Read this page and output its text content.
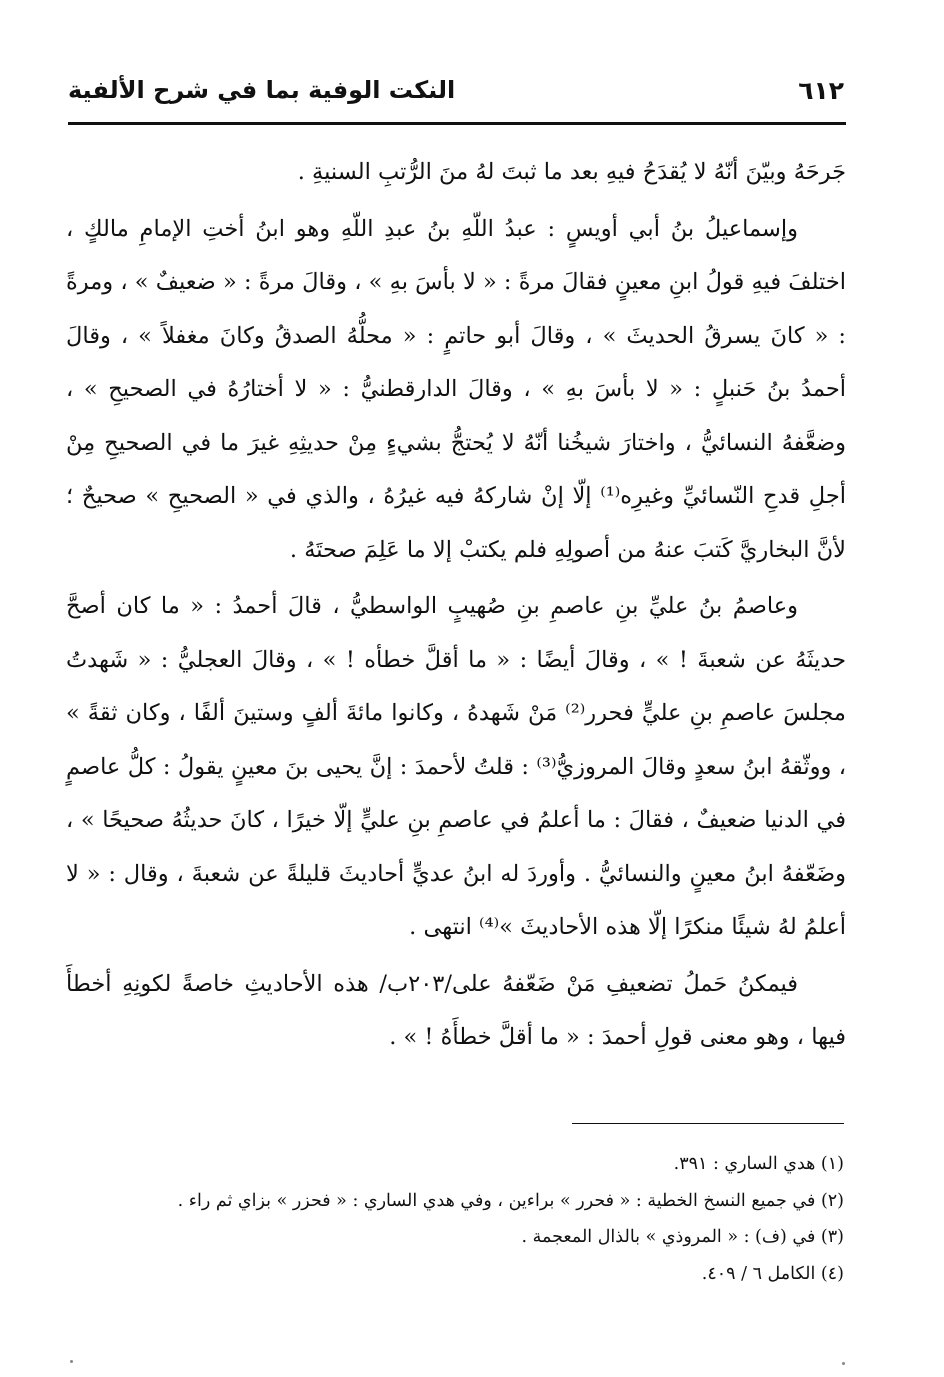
٦١٢
النكت الوفية بما في شرح الألفية

جَرحَهُ وبيّنَ أنّهُ لا يُقدَحُ فيهِ بعد ما ثبتَ لهُ منَ الرُّتبِ السنيةِ .

وإسماعيلُ بنُ أبي أويسٍ : عبدُ اللّهِ بنُ عبدِ اللّهِ وهو ابنُ أختِ الإمامِ مالكٍ ، اختلفَ فيهِ قولُ ابنِ معينٍ فقالَ مرةً : « لا بأسَ بهِ » ، وقالَ مرةً : « ضعيفٌ » ، ومرةً : « كانَ يسرقُ الحديثَ » ، وقالَ أبو حاتمٍ : « محلُّهُ الصدقُ وكانَ مغفلاً » ، وقالَ أحمدُ بنُ حَنبلٍ : « لا بأسَ بهِ » ، وقالَ الدارقطنيُّ : « لا أختارُهُ في الصحيحِ » ، وضعَّفهُ النسائيُّ ، واختارَ شيخُنا أنّهُ لا يُحتجُّ بشيءٍ مِنْ حديثِهِ غيرَ ما في الصحيحِ مِنْ أجلِ قدحِ النّسائيِّ وغيرِه⁽¹⁾ إلّا إنْ شاركهُ فيه غيرُهُ ، والذي في « الصحيحِ » صحيحٌ ؛ لأنَّ البخاريَّ كَتبَ عنهُ من أصولِهِ فلم يكتبْ إلا ما عَلِمَ صحتَهُ .

وعاصمُ بنُ عليِّ بنِ عاصمِ بنِ صُهيبٍ الواسطيُّ ، قالَ أحمدُ : « ما كان أصحَّ حديثَهُ عن شعبةَ ! » ، وقالَ أيضًا : « ما أقلَّ خطأه ! » ، وقالَ العجليُّ : « شَهدتُ مجلسَ عاصمِ بنِ عليٍّ فحرر⁽²⁾ مَنْ شَهدهُ ، وكانوا مائةَ ألفٍ وستينَ ألفًا ، وكان ثقةً » ، ووثّقهُ ابنُ سعدٍ وقالَ المروزيُّ⁽³⁾ : قلتُ لأحمدَ : إنَّ يحيى بنَ معينٍ يقولُ : كلُّ عاصمٍ في الدنيا ضعيفٌ ، فقالَ : ما أعلمُ في عاصمِ بنِ عليٍّ إلّا خيرًا ، كانَ حديثُهُ صحيحًا » ، وضَعّفهُ ابنُ معينٍ والنسائيُّ . وأوردَ له ابنُ عديٍّ أحاديثَ قليلةً عن شعبةَ ، وقال : « لا أعلمُ لهُ شيئًا منكرًا إلّا هذه الأحاديثَ »⁽⁴⁾ انتهى .

فيمكنُ حَملُ تضعيفِ مَنْ ضَعّفهُ على/٢٠٣ب/ هذه الأحاديثِ خاصةً لكونِهِ أخطأَ فيها ، وهو معنى قولِ أحمدَ : « ما أقلَّ خطأَهُ ! » .

(١) هدي الساري : ٣٩١.
(٢) في جميع النسخ الخطية : « فحرر » براءين ، وفي هدي الساري : « فحزر » بزاي ثم راء .
(٣) في (ف) : « المروذي » بالذال المعجمة .
(٤) الكامل ٦ / ٤٠٩.
